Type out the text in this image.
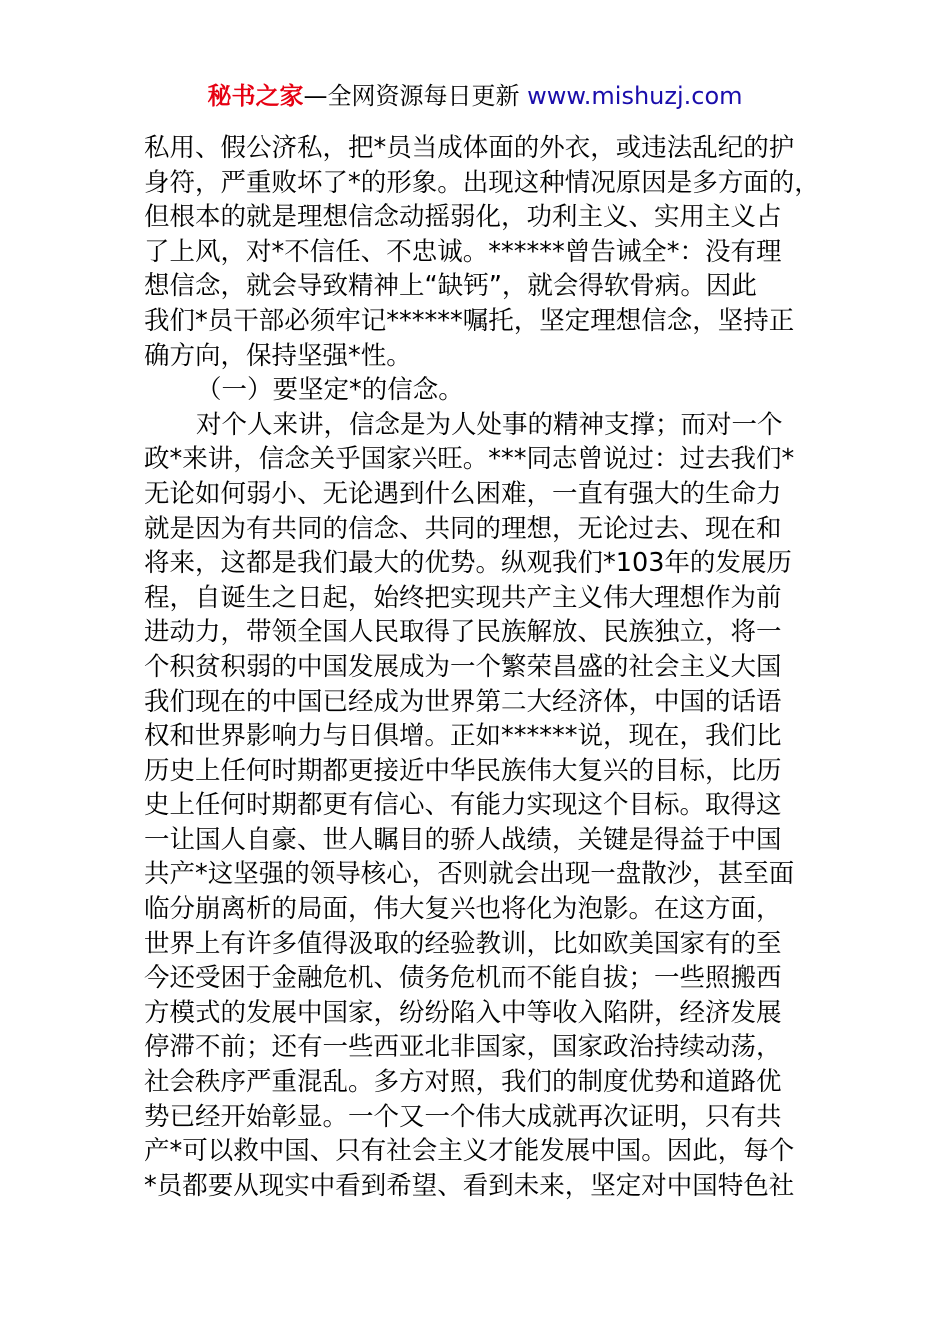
秘书之家—全网资源每日更新 www.mishuzj.com
私用、假公济私，把*员当成体面的外衣，或违法乱纪的护
身符，严重败坏了*的形象。出现这种情况原因是多方面的，
但根本的就是理想信念动摇弱化，功利主义、实用主义占
了上风，对*不信任、不忠诚。******曾告诫全*：没有理
想信念，就会导致精神上“缺钙”，就会得软骨病。因此
我们*员干部必须牢记******嘱托，坚定理想信念，坚持正
确方向，保持坚强*性。
（一）要坚定*的信念。
对个人来讲，信念是为人处事的精神支撑；而对一个
政*来讲，信念关乎国家兴旺。***同志曾说过：过去我们*
无论如何弱小、无论遇到什么困难，一直有强大的生命力
就是因为有共同的信念、共同的理想，无论过去、现在和
将来，这都是我们最大的优势。纵观我们*103年的发展历
程，自诞生之日起，始终把实现共产主义伟大理想作为前
进动力，带领全国人民取得了民族解放、民族独立，将一
个积贫积弱的中国发展成为一个繁荣昌盛的社会主义大国
我们现在的中国已经成为世界第二大经济体，中国的话语
权和世界影响力与日俱增。正如******说，现在，我们比
历史上任何时期都更接近中华民族伟大复兴的目标，比历
史上任何时期都更有信心、有能力实现这个目标。取得这
一让国人自豪、世人瞩目的骄人战绩，关键是得益于中国
共产*这坚强的领导核心，否则就会出现一盘散沙，甚至面
临分崩离析的局面，伟大复兴也将化为泡影。在这方面，
世界上有许多值得汲取的经验教训，比如欧美国家有的至
今还受困于金融危机、债务危机而不能自拔；一些照搬西
方模式的发展中国家，纷纷陷入中等收入陷阱，经济发展
停滞不前；还有一些西亚北非国家，国家政治持续动荡，
社会秩序严重混乱。多方对照，我们的制度优势和道路优
势已经开始彰显。一个又一个伟大成就再次证明，只有共
产*可以救中国、只有社会主义才能发展中国。因此，每个
*员都要从现实中看到希望、看到未来，坚定对中国特色社
